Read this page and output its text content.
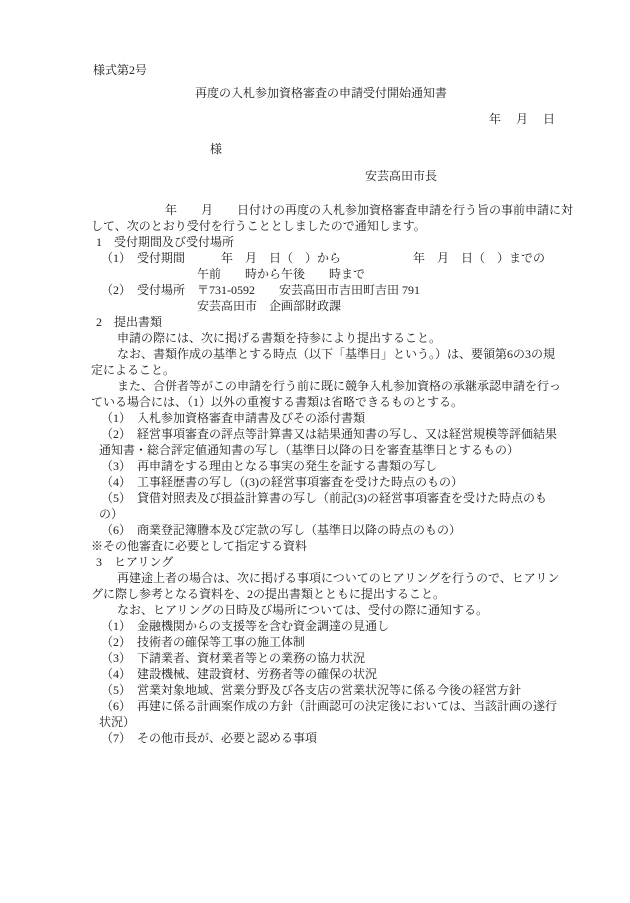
様式第2号
再度の入札参加資格審査の申請受付開始通知書
年　 月　 日
様
安芸高田市長
　　　　年　　月　　日付けの再度の入札参加資格審査申請を行う旨の事前申請に対
して、次のとおり受付を行うこととしましたので通知します。
1　受付期間及び受付場所
（1）　受付期間　　　年　月　日（　）から　　　　　　年　月　日（　）までの
午前　　時から午後　　時まで
（2）　受付場所　〒731-0592　　安芸高田市吉田町吉田 791
安芸高田市　企画部財政課
2　提出書類
申請の際には、次に掲げる書類を持参により提出すること。
なお、書類作成の基準とする時点（以下「基準日」という。）は、要領第6の3の規
定によること。
また、合併者等がこの申請を行う前に既に競争入札参加資格の承継承認申請を行っ
ている場合には、（1）以外の重複する書類は省略できるものとする。
（1）　入札参加資格審査申請書及びその添付書類
（2）　経営事項審査の評点等計算書又は結果通知書の写し、又は経営規模等評価結果
通知書・総合評定値通知書の写し（基準日以降の日を審査基準日とするもの）
（3）　再申請をする理由となる事実の発生を証する書類の写し
（4）　工事経歴書の写し（(3)の経営事項審査を受けた時点のもの）
（5）　貸借対照表及び損益計算書の写し（前記(3)の経営事項審査を受けた時点のも
の）
（6）　商業登記簿謄本及び定款の写し（基準日以降の時点のもの）
※その他審査に必要として指定する資料
3　ヒアリング
再建途上者の場合は、次に掲げる事項についてのヒアリングを行うので、ヒアリン
グに際し参考となる資料を、2の提出書類とともに提出すること。
なお、ヒアリングの日時及び場所については、受付の際に通知する。
（1）　金融機関からの支援等を含む資金調達の見通し
（2）　技術者の確保等工事の施工体制
（3）　下請業者、資材業者等との業務の協力状況
（4）　建設機械、建設資材、労務者等の確保の状況
（5）　営業対象地域、営業分野及び各支店の営業状況等に係る今後の経営方針
（6）　再建に係る計画案作成の方針（計画認可の決定後においては、当該計画の遂行
状況）
（7）　その他市長が、必要と認める事項
